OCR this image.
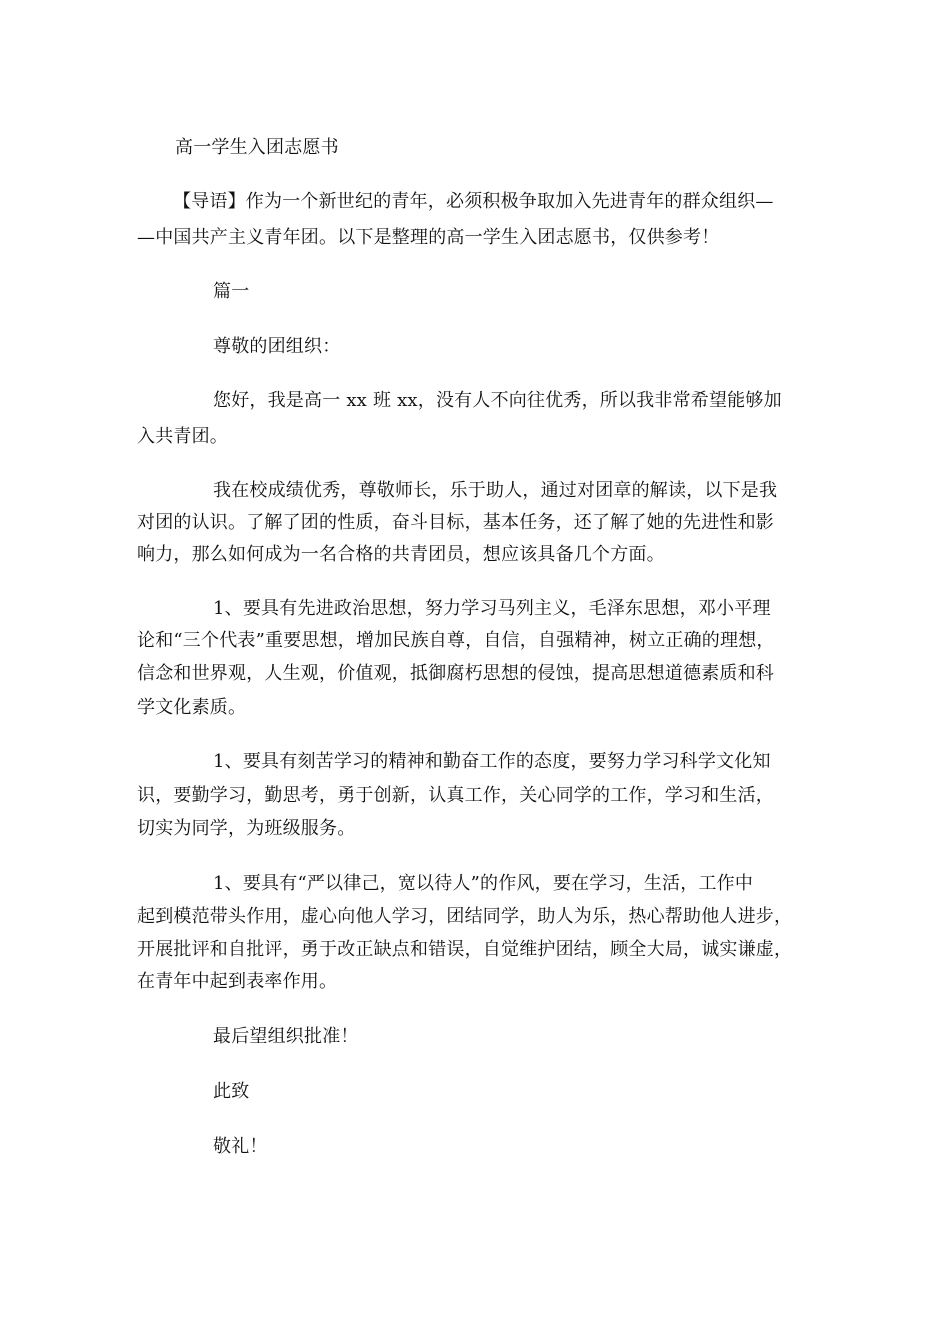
高一学生入团志愿书
【导语】作为一个新世纪的青年，必须积极争取加入先进青年的群众组织—
—中国共产主义青年团。以下是整理的高一学生入团志愿书，仅供参考！
篇一
尊敬的团组织：
您好，我是高一 xx 班 xx，没有人不向往优秀，所以我非常希望能够加
入共青团。
我在校成绩优秀，尊敬师长，乐于助人，通过对团章的解读，以下是我
对团的认识。了解了团的性质，奋斗目标，基本任务，还了解了她的先进性和影
响力，那么如何成为一名合格的共青团员，想应该具备几个方面。
1、要具有先进政治思想，努力学习马列主义，毛泽东思想，邓小平理
论和“三个代表”重要思想，增加民族自尊，自信，自强精神，树立正确的理想，
信念和世界观，人生观，价值观，抵御腐朽思想的侵蚀，提高思想道德素质和科
学文化素质。
1、要具有刻苦学习的精神和勤奋工作的态度，要努力学习科学文化知
识，要勤学习，勤思考，勇于创新，认真工作，关心同学的工作，学习和生活，
切实为同学，为班级服务。
1、要具有“严以律己，宽以待人”的作风，要在学习，生活，工作中
起到模范带头作用，虚心向他人学习，团结同学，助人为乐，热心帮助他人进步，
开展批评和自批评，勇于改正缺点和错误，自觉维护团结，顾全大局，诚实谦虚，
在青年中起到表率作用。
最后望组织批准！
此致
敬礼！
